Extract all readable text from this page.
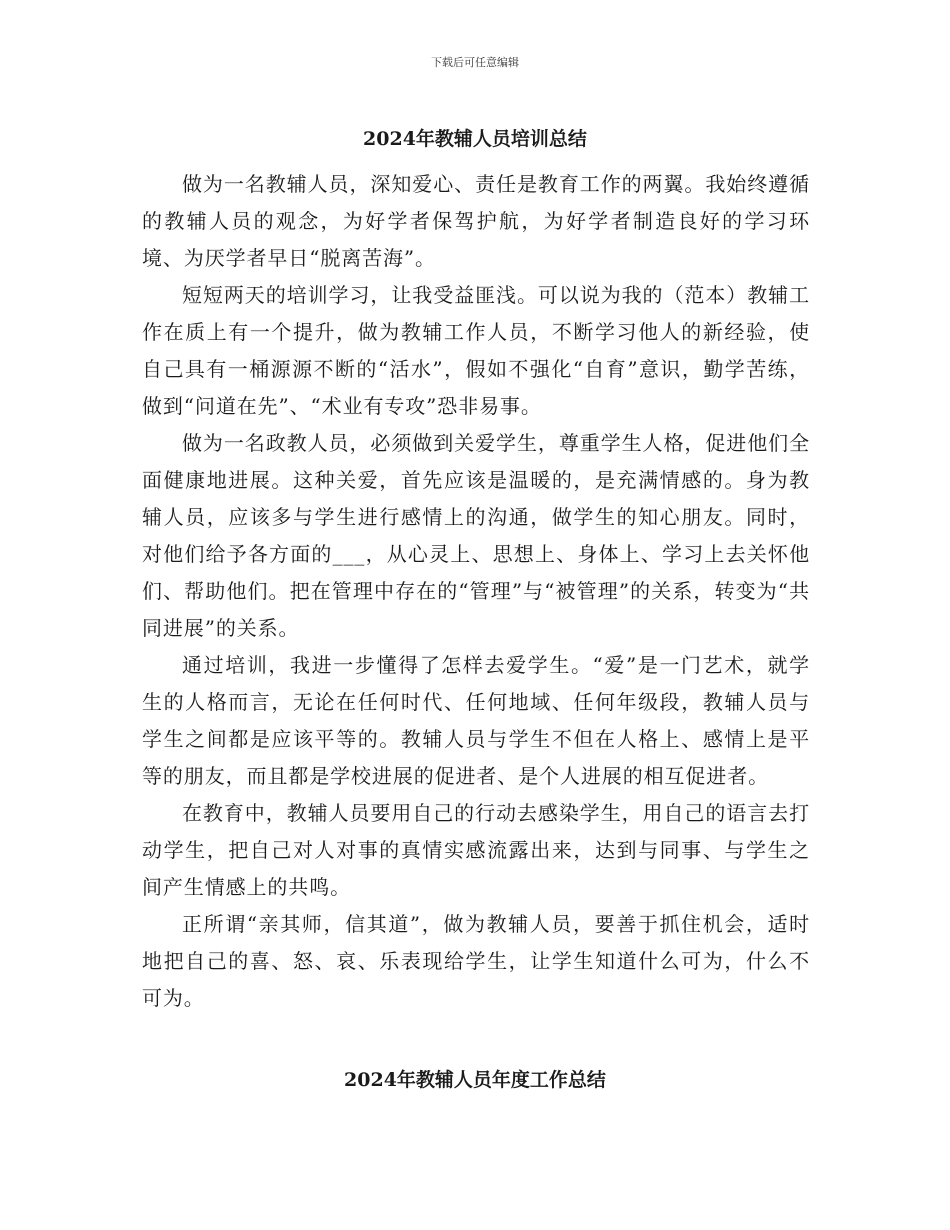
下载后可任意编辑
2024年教辅人员培训总结

做为一名教辅人员，深知爱心、责任是教育工作的两翼。我始终遵循的教辅人员的观念，为好学者保驾护航，为好学者制造良好的学习环境、为厌学者早日“脱离苦海”。

短短两天的培训学习，让我受益匪浅。可以说为我的（范本）教辅工作在质上有一个提升，做为教辅工作人员，不断学习他人的新经验，使自己具有一桶源源不断的“活水”，假如不强化“自育”意识，勤学苦练，做到“问道在先”、“术业有专攻”恐非易事。

做为一名政教人员，必须做到关爱学生，尊重学生人格，促进他们全面健康地进展。这种关爱，首先应该是温暖的，是充满情感的。身为教辅人员，应该多与学生进行感情上的沟通，做学生的知心朋友。同时，对他们给予各方面的___，从心灵上、思想上、身体上、学习上去关怀他们、帮助他们。把在管理中存在的“管理”与“被管理”的关系，转变为“共同进展”的关系。

通过培训，我进一步懂得了怎样去爱学生。“爱”是一门艺术，就学生的人格而言，无论在任何时代、任何地域、任何年级段，教辅人员与学生之间都是应该平等的。教辅人员与学生不但在人格上、感情上是平等的朋友，而且都是学校进展的促进者、是个人进展的相互促进者。

在教育中，教辅人员要用自己的行动去感染学生，用自己的语言去打动学生，把自己对人对事的真情实感流露出来，达到与同事、与学生之间产生情感上的共鸣。

正所谓“亲其师，信其道”，做为教辅人员，要善于抓住机会，适时地把自己的喜、怒、哀、乐表现给学生，让学生知道什么可为，什么不可为。

2024年教辅人员年度工作总结
